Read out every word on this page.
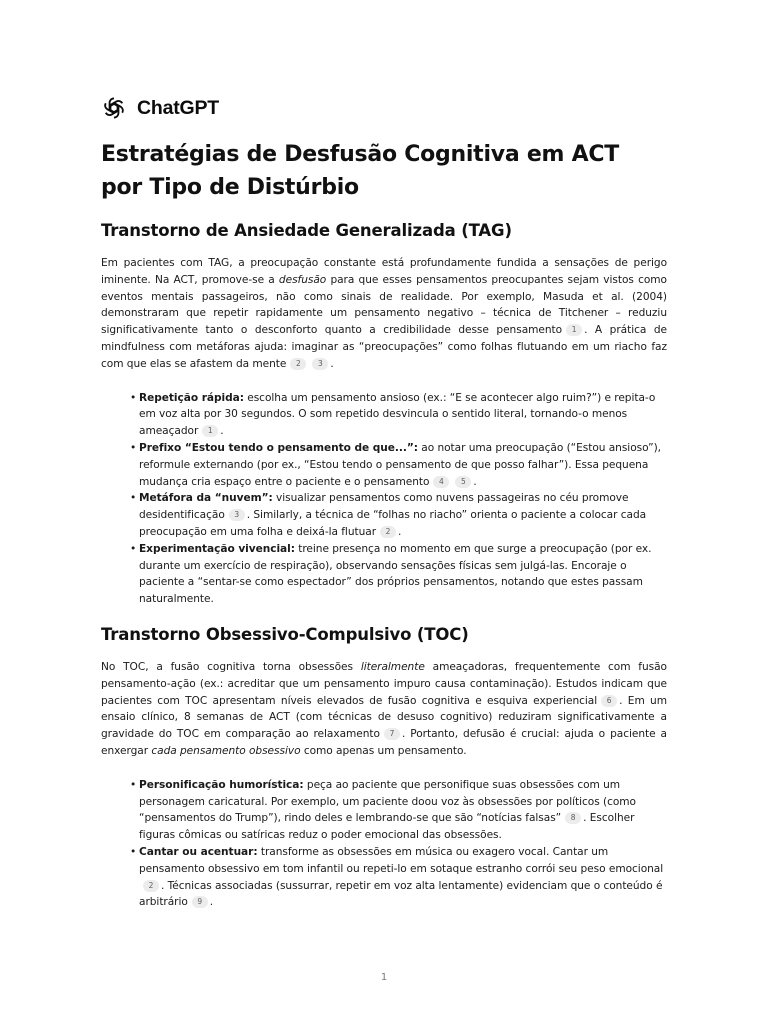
ChatGPT
Estratégias de Desfusão Cognitiva em ACT por Tipo de Distúrbio
Transtorno de Ansiedade Generalizada (TAG)

Em pacientes com TAG, a preocupação constante está profundamente fundida a sensações de perigo iminente. Na ACT, promove-se a desfusão para que esses pensamentos preocupantes sejam vistos como eventos mentais passageiros, não como sinais de realidade. Por exemplo, Masuda et al. (2004) demonstraram que repetir rapidamente um pensamento negativo – técnica de Titchener – reduziu significativamente tanto o desconforto quanto a credibilidade desse pensamento 1 . A prática de mindfulness com metáforas ajuda: imaginar as “preocupações” como folhas flutuando em um riacho faz com que elas se afastem da mente 2 3 .

• Repetição rápida: escolha um pensamento ansioso (ex.: “E se acontecer algo ruim?”) e repita-o em voz alta por 30 segundos. O som repetido desvincula o sentido literal, tornando-o menos ameaçador 1 .
• Prefixo “Estou tendo o pensamento de que...”: ao notar uma preocupação (“Estou ansioso”), reformule externando (por ex., “Estou tendo o pensamento de que posso falhar”). Essa pequena mudança cria espaço entre o paciente e o pensamento 4 5 .
• Metáfora da “nuvem”: visualizar pensamentos como nuvens passageiras no céu promove desidentificação 3 . Similarly, a técnica de “folhas no riacho” orienta o paciente a colocar cada preocupação em uma folha e deixá-la flutuar 2 .
• Experimentação vivencial: treine presença no momento em que surge a preocupação (por ex. durante um exercício de respiração), observando sensações físicas sem julgá-las. Encoraje o paciente a “sentar-se como espectador” dos próprios pensamentos, notando que estes passam naturalmente.
Transtorno Obsessivo-Compulsivo (TOC)

No TOC, a fusão cognitiva torna obsessões literalmente ameaçadoras, frequentemente com fusão pensamento-ação (ex.: acreditar que um pensamento impuro causa contaminação). Estudos indicam que pacientes com TOC apresentam níveis elevados de fusão cognitiva e esquiva experiencial 6 . Em um ensaio clínico, 8 semanas de ACT (com técnicas de desuso cognitivo) reduziram significativamente a gravidade do TOC em comparação ao relaxamento 7 . Portanto, defusão é crucial: ajuda o paciente a enxergar cada pensamento obsessivo como apenas um pensamento.

• Personificação humorística: peça ao paciente que personifique suas obsessões com um personagem caricatural. Por exemplo, um paciente doou voz às obsessões por políticos (como “pensamentos do Trump”), rindo deles e lembrando-se que são “notícias falsas” 8 . Escolher figuras cômicas ou satíricas reduz o poder emocional das obsessões.
• Cantar ou acentuar: transforme as obsessões em música ou exagero vocal. Cantar um pensamento obsessivo em tom infantil ou repeti-lo em sotaque estranho corrói seu peso emocional2 . Técnicas associadas (sussurrar, repetir em voz alta lentamente) evidenciam que o conteúdo é arbitrário 9 .
1
